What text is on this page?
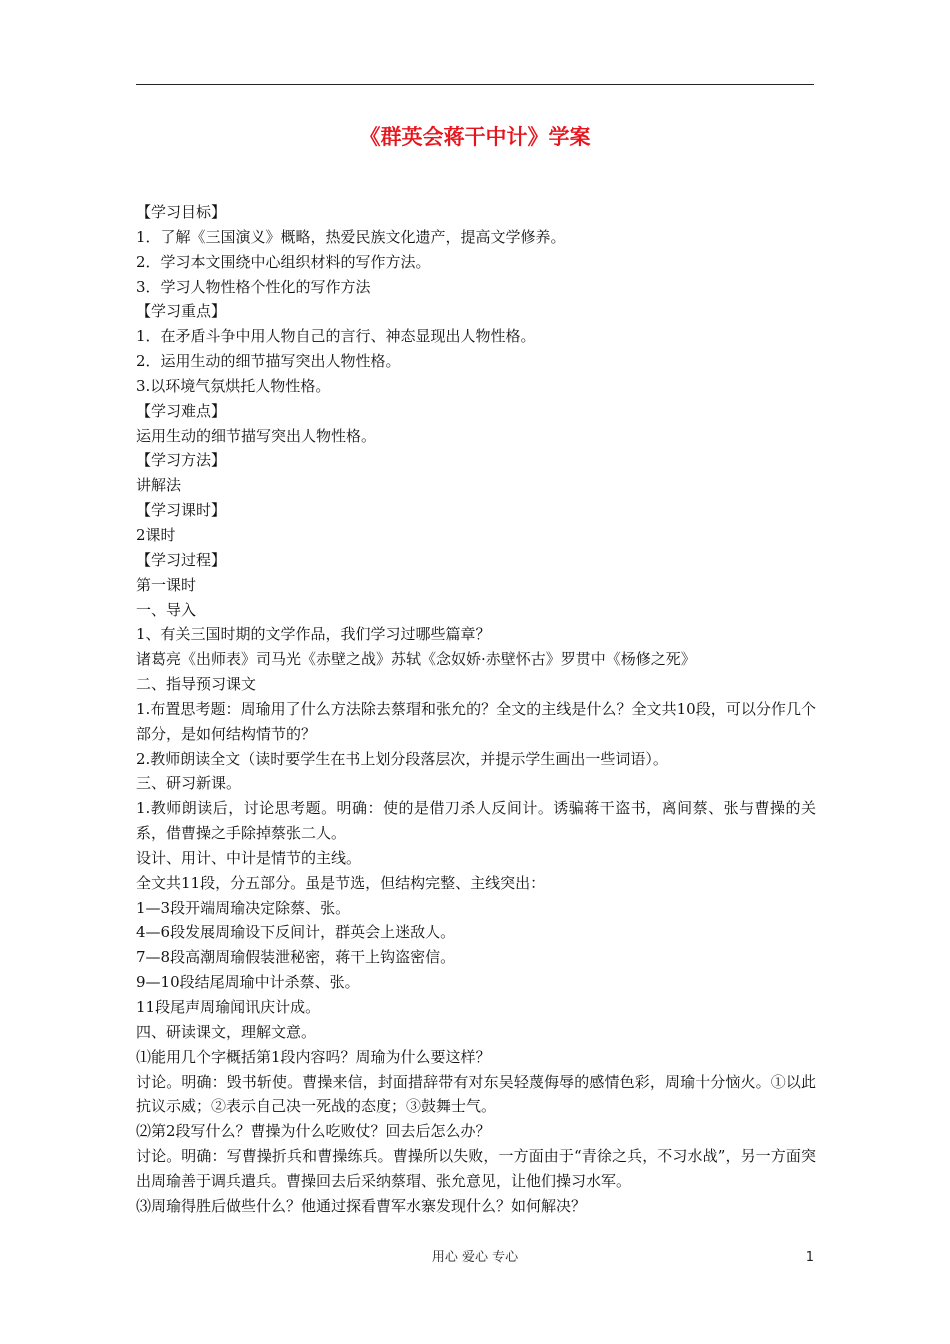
《群英会蒋干中计》学案

【学习目标】

1．了解《三国演义》概略，热爱民族文化遗产，提高文学修养。

2．学习本文围绕中心组织材料的写作方法。

3．学习人物性格个性化的写作方法

【学习重点】

1．在矛盾斗争中用人物自己的言行、神态显现出人物性格。

2．运用生动的细节描写突出人物性格。

3.以环境气氛烘托人物性格。

【学习难点】

运用生动的细节描写突出人物性格。

【学习方法】

讲解法

【学习课时】

2课时

【学习过程】

第一课时

一、导入

1、有关三国时期的文学作品，我们学习过哪些篇章？

诸葛亮《出师表》司马光《赤壁之战》苏轼《念奴娇·赤壁怀古》罗贯中《杨修之死》

二、指导预习课文

1.布置思考题：周瑜用了什么方法除去蔡瑁和张允的？全文的主线是什么？全文共10段，可以分作几个部分，是如何结构情节的？

2.教师朗读全文（读时要学生在书上划分段落层次，并提示学生画出一些词语）。

三、研习新课。

1.教师朗读后，讨论思考题。明确：使的是借刀杀人反间计。诱骗蒋干盗书，离间蔡、张与曹操的关系，借曹操之手除掉蔡张二人。

设计、用计、中计是情节的主线。

全文共11段，分五部分。虽是节选，但结构完整、主线突出：

1—3段开端周瑜决定除蔡、张。

4—6段发展周瑜设下反间计，群英会上迷敌人。

7—8段高潮周瑜假装泄秘密，蒋干上钩盗密信。

9—10段结尾周瑜中计杀蔡、张。

11段尾声周瑜闻讯庆计成。

四、研读课文，理解文意。

⑴能用几个字概括第1段内容吗？周瑜为什么要这样？

讨论。明确：毁书斩使。曹操来信，封面措辞带有对东吴轻蔑侮辱的感情色彩，周瑜十分恼火。①以此抗议示威；②表示自己决一死战的态度；③鼓舞士气。

⑵第2段写什么？曹操为什么吃败仗？回去后怎么办？

讨论。明确：写曹操折兵和曹操练兵。曹操所以失败，一方面由于“青徐之兵，不习水战”，另一方面突出周瑜善于调兵遣兵。曹操回去后采纳蔡瑁、张允意见，让他们操习水军。

⑶周瑜得胜后做些什么？他通过探看曹军水寨发现什么？如何解决？

用心 爱心 专心	1
